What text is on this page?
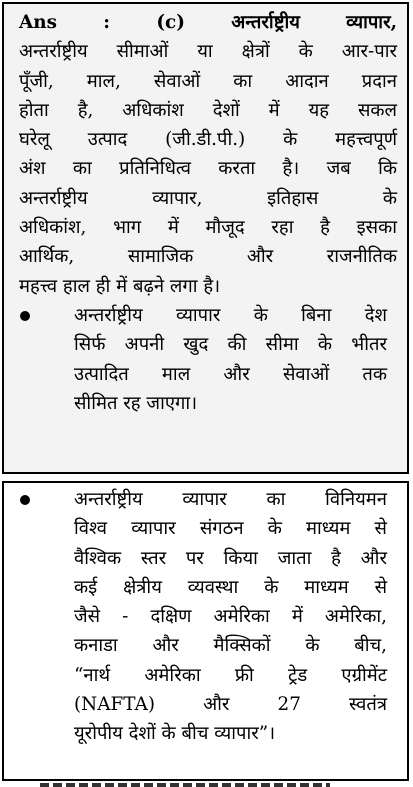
Ans : (c) अन्तर्राष्ट्रीय व्यापार,
अन्तर्राष्ट्रीय सीमाओं या क्षेत्रों के आर-पार
पूँजी, माल, सेवाओं का आदान प्रदान
होता है, अधिकांश देशों में यह सकल
घरेलू उत्पाद (जी.डी.पी.) के महत्त्वपूर्ण
अंश का प्रतिनिधित्व करता है। जब कि
अन्तर्राष्ट्रीय व्यापार, इतिहास के
अधिकांश, भाग में मौजूद रहा है इसका
आर्थिक, सामाजिक और राजनीतिक
महत्त्व हाल ही में बढ़ने लगा है।
अन्तर्राष्ट्रीय व्यापार के बिना देश
सिर्फ अपनी खुद की सीमा के भीतर
उत्पादित माल और सेवाओं तक
सीमित रह जाएगा।
अन्तर्राष्ट्रीय व्यापार का विनियमन
विश्व व्यापार संगठन के माध्यम से
वैश्विक स्तर पर किया जाता है और
कई क्षेत्रीय व्यवस्था के माध्यम से
जैसे - दक्षिण अमेरिका में अमेरिका,
कनाडा और मैक्सिकों के बीच,
“नार्थ अमेरिका फ्री ट्रेड एग्रीमेंट
(NAFTA) और 27 स्वतंत्र
यूरोपीय देशों के बीच व्यापार”।
